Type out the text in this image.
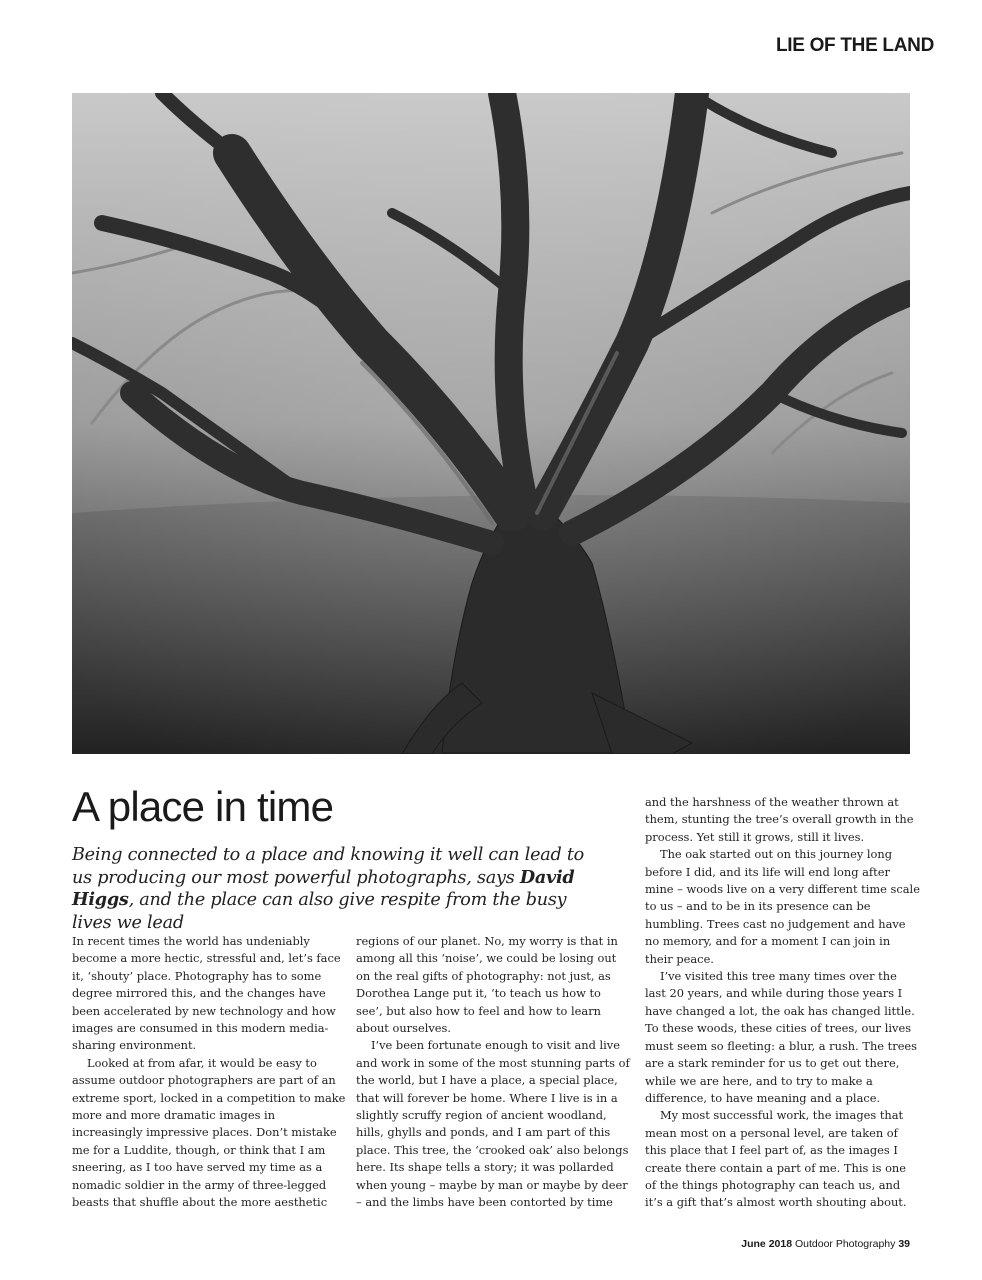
LIE OF THE LAND
A place in time

Being connected to a place and knowing it well can lead to us producing our most powerful photographs, says David Higgs, and the place can also give respite from the busy lives we lead

In recent times the world has undeniably become a more hectic, stressful and, let’s face it, ‘shouty’ place. Photography has to some degree mirrored this, and the changes have been accelerated by new technology and how images are consumed in this modern media-sharing environment.

Looked at from afar, it would be easy to assume outdoor photographers are part of an extreme sport, locked in a competition to make more and more dramatic images in increasingly impressive places. Don’t mistake me for a Luddite, though, or think that I am sneering, as I too have served my time as a nomadic soldier in the army of three-legged beasts that shuffle about the more aesthetic

regions of our planet. No, my worry is that in among all this ‘noise’, we could be losing out on the real gifts of photography: not just, as Dorothea Lange put it, ‘to teach us how to see’, but also how to feel and how to learn about ourselves.

I’ve been fortunate enough to visit and live and work in some of the most stunning parts of the world, but I have a place, a special place, that will forever be home. Where I live is in a slightly scruffy region of ancient woodland, hills, ghylls and ponds, and I am part of this place. This tree, the ‘crooked oak’ also belongs here. Its shape tells a story; it was pollarded when young – maybe by man or maybe by deer – and the limbs have been contorted by time

and the harshness of the weather thrown at them, stunting the tree’s overall growth in the process. Yet still it grows, still it lives.

The oak started out on this journey long before I did, and its life will end long after mine – woods live on a very different time scale to us – and to be in its presence can be humbling. Trees cast no judgement and have no memory, and for a moment I can join in their peace.

I’ve visited this tree many times over the last 20 years, and while during those years I have changed a lot, the oak has changed little. To these woods, these cities of trees, our lives must seem so fleeting: a blur, a rush. The trees are a stark reminder for us to get out there, while we are here, and to try to make a difference, to have meaning and a place.

My most successful work, the images that mean most on a personal level, are taken of this place that I feel part of, as the images I create there contain a part of me. This is one of the things photography can teach us, and it’s a gift that’s almost worth shouting about.

June 2018 Outdoor Photography 39
